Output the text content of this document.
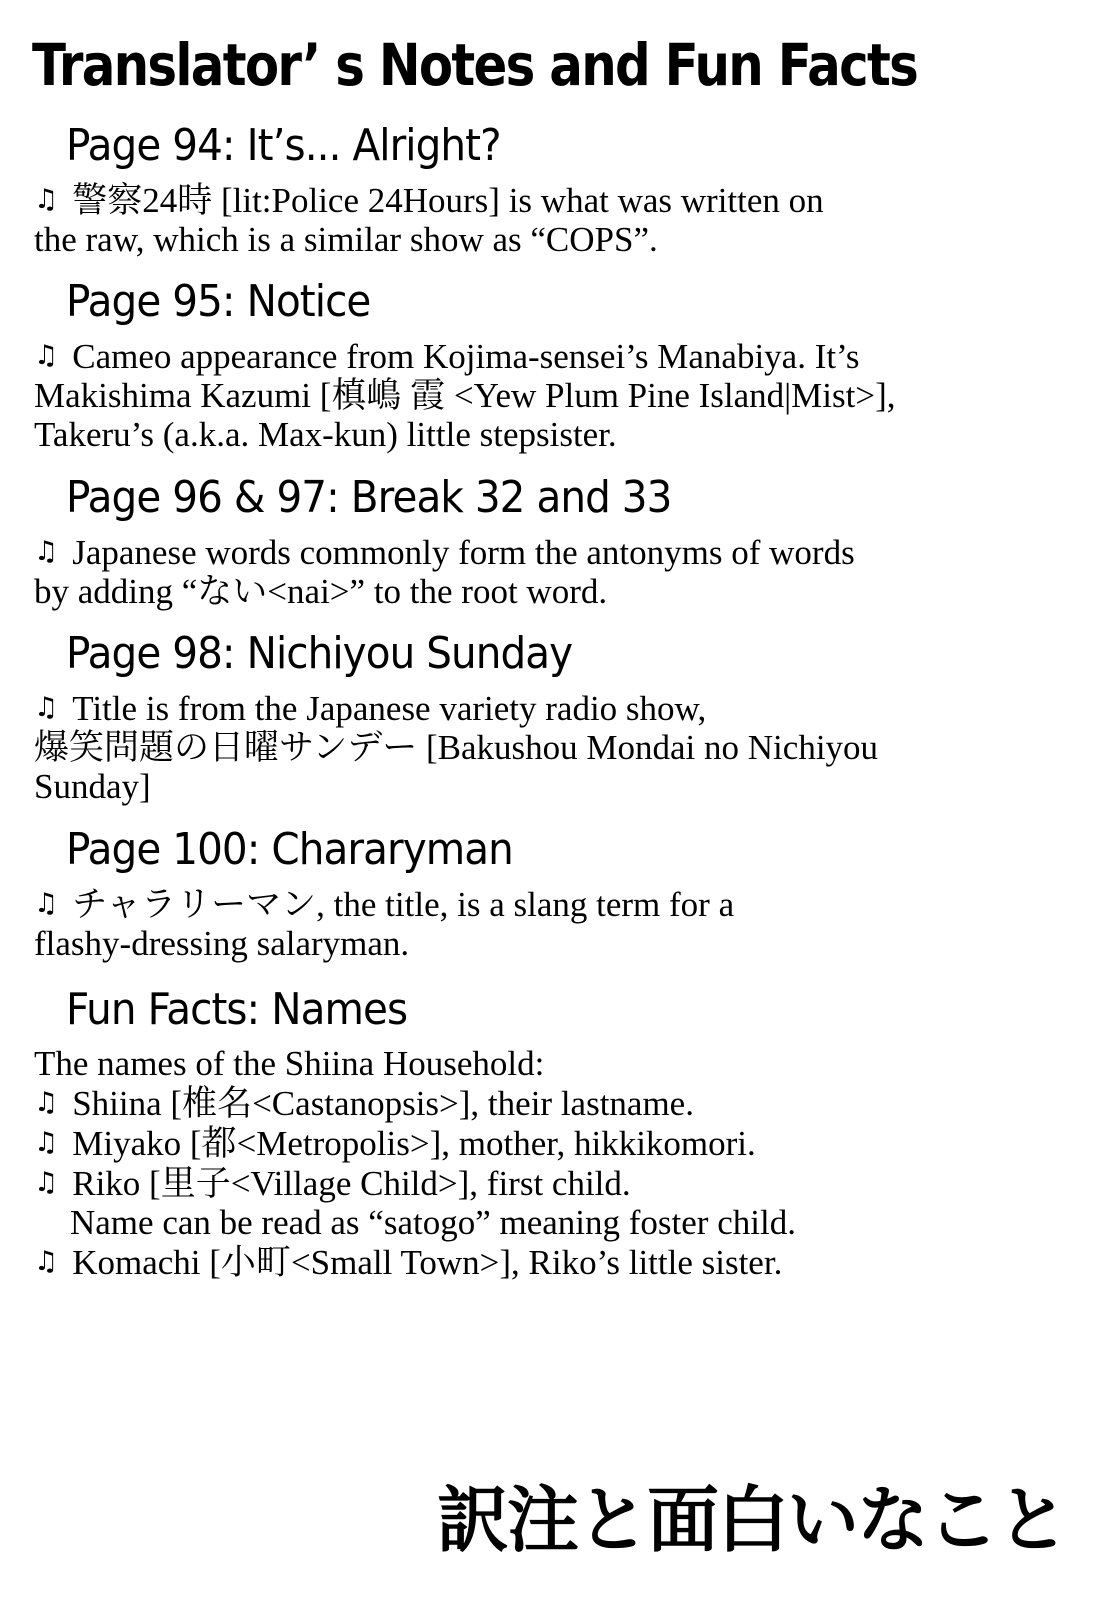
Translator’ s Notes and Fun Facts
Page 94: It’s... Alright?
♫ 警察24時 [lit:Police 24Hours] is what was written on
the raw, which is a similar show as “COPS”.
Page 95: Notice
♫ Cameo appearance from Kojima-sensei’s Manabiya. It’s
Makishima Kazumi [槙嶋 霞 <Yew Plum Pine Island|Mist>],
Takeru’s (a.k.a. Max-kun) little stepsister.
Page 96 & 97: Break 32 and 33
♫ Japanese words commonly form the antonyms of words
by adding “ない<nai>” to the root word.
Page 98: Nichiyou Sunday
♫ Title is from the Japanese variety radio show,
爆笑問題の日曜サンデー [Bakushou Mondai no Nichiyou
Sunday]
Page 100: Chararyman
♫ チャラリーマン, the title, is a slang term for a
flashy-dressing salaryman.
Fun Facts: Names
The names of the Shiina Household:
♫ Shiina [椎名<Castanopsis>], their lastname.
♫ Miyako [都<Metropolis>], mother, hikkikomori.
♫ Riko [里子<Village Child>], first child.
Name can be read as “satogo” meaning foster child.
♫ Komachi [小町<Small Town>], Riko’s little sister.
訳注と面白いなこと
